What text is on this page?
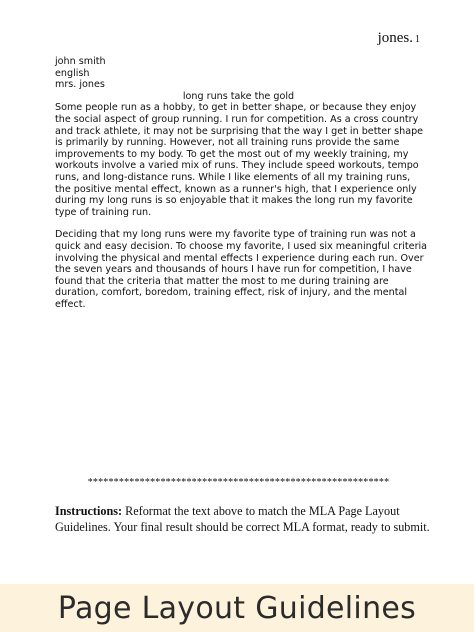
jones. 1
john smith
english
mrs. jones
long runs take the gold

Some people run as a hobby, to get in better shape, or because they enjoy
the social aspect of group running. I run for competition. As a cross country
and track athlete, it may not be surprising that the way I get in better shape
is primarily by running. However, not all training runs provide the same
improvements to my body. To get the most out of my weekly training, my
workouts involve a varied mix of runs. They include speed workouts, tempo
runs, and long-distance runs. While I like elements of all my training runs,
the positive mental effect, known as a runner's high, that I experience only
during my long runs is so enjoyable that it makes the long run my favorite
type of training run.

Deciding that my long runs were my favorite type of training run was not a
quick and easy decision. To choose my favorite, I used six meaningful criteria
involving the physical and mental effects I experience during each run. Over
the seven years and thousands of hours I have run for competition, I have
found that the criteria that matter the most to me during training are
duration, comfort, boredom, training effect, risk of injury, and the mental
effect.

**********************************************************
Instructions: Reformat the text above to match the MLA Page Layout Guidelines. Your final result should be correct MLA format, ready to submit.
Page Layout Guidelines
